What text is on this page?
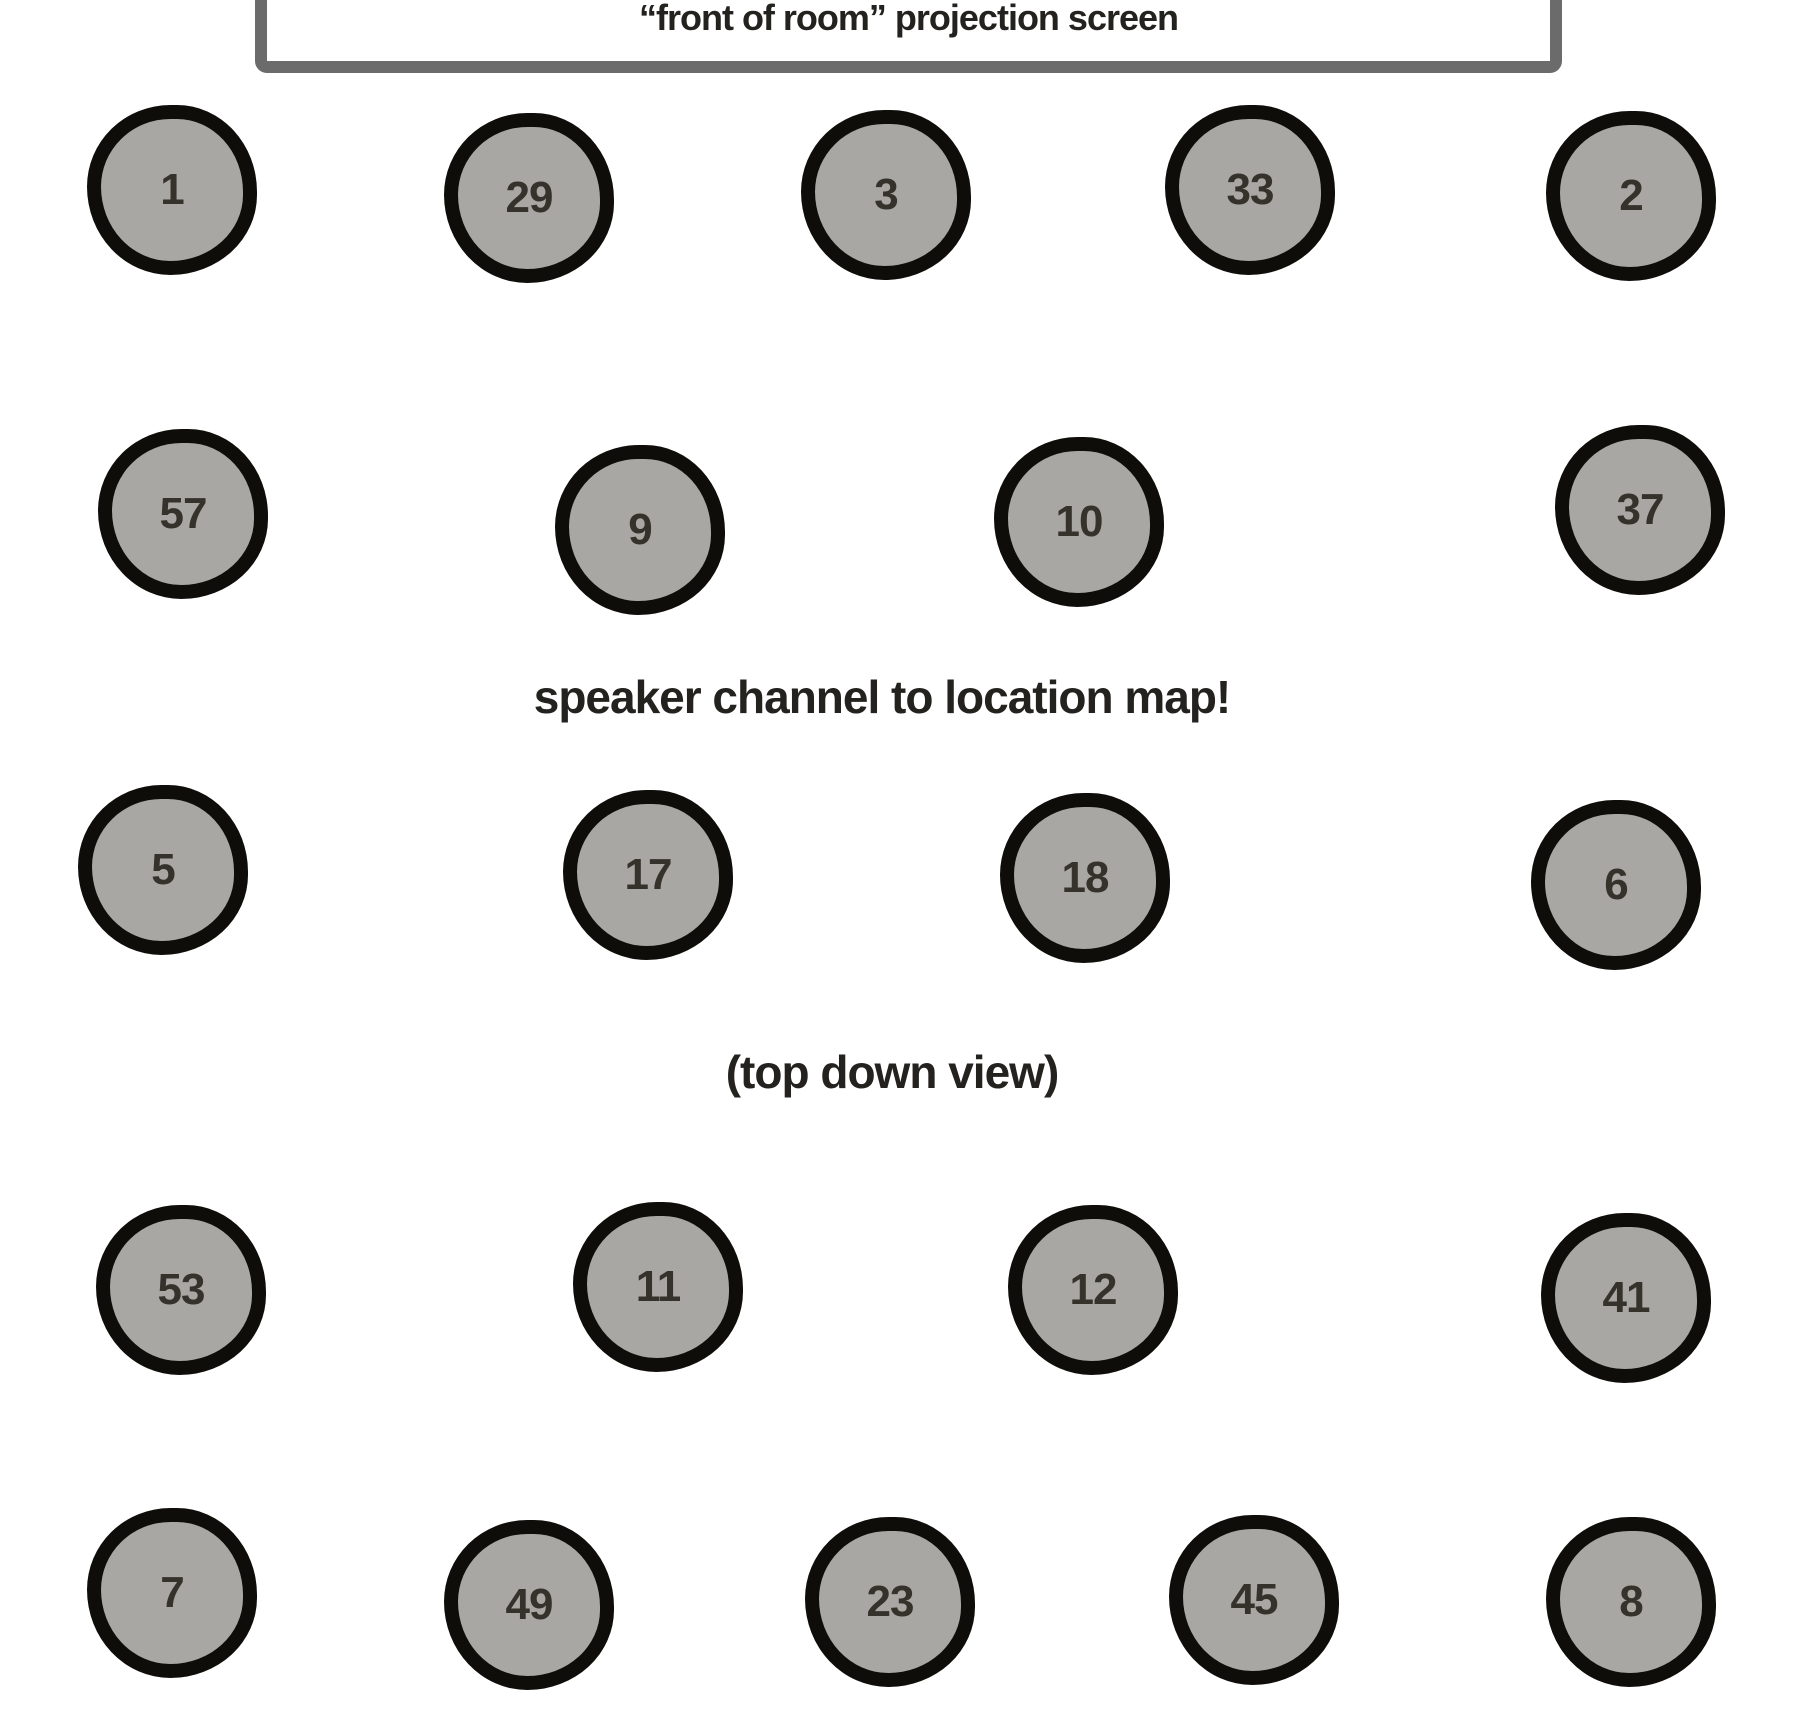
“front of room” projection screen
speaker channel to location map!
(top down view)
1	29	3	33	2
57	9	10	37
5	17	18	6
53	11	12	41
7	49	23	45	8
